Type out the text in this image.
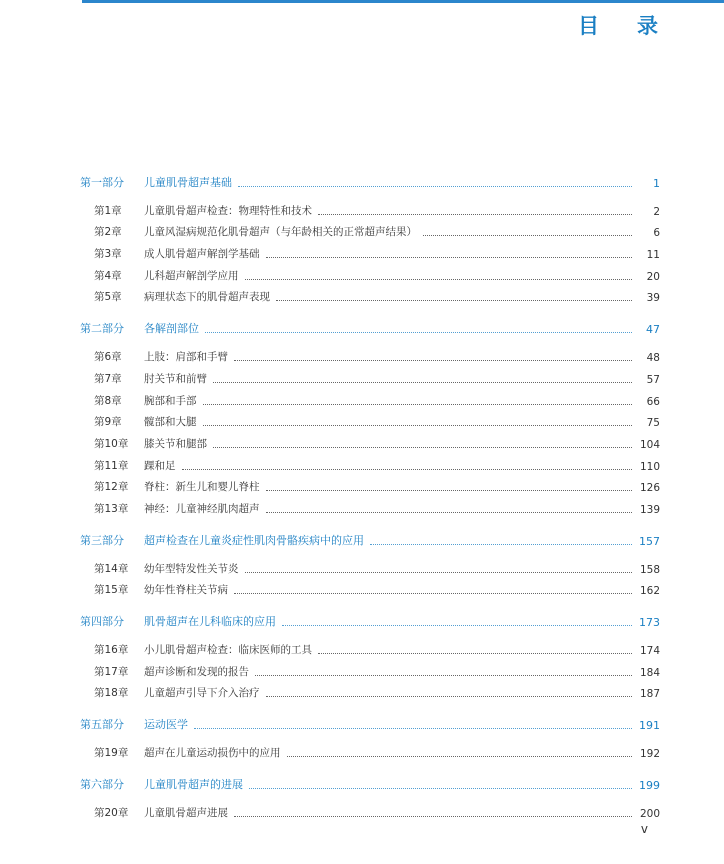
目录
第一部分	儿童肌骨超声基础	1
第1章	儿童肌骨超声检查：物理特性和技术	2
第2章	儿童风湿病规范化肌骨超声（与年龄相关的正常超声结果）	6
第3章	成人肌骨超声解剖学基础	11
第4章	儿科超声解剖学应用	20
第5章	病理状态下的肌骨超声表现	39
第二部分	各解剖部位	47
第6章	上肢：肩部和手臂	48
第7章	肘关节和前臂	57
第8章	腕部和手部	66
第9章	髋部和大腿	75
第10章	膝关节和腿部	104
第11章	踝和足	110
第12章	脊柱：新生儿和婴儿脊柱	126
第13章	神经：儿童神经肌肉超声	139
第三部分	超声检查在儿童炎症性肌肉骨骼疾病中的应用	157
第14章	幼年型特发性关节炎	158
第15章	幼年性脊柱关节病	162
第四部分	肌骨超声在儿科临床的应用	173
第16章	小儿肌骨超声检查：临床医师的工具	174
第17章	超声诊断和发现的报告	184
第18章	儿童超声引导下介入治疗	187
第五部分	运动医学	191
第19章	超声在儿童运动损伤中的应用	192
第六部分	儿童肌骨超声的进展	199
第20章	儿童肌骨超声进展	200
v
